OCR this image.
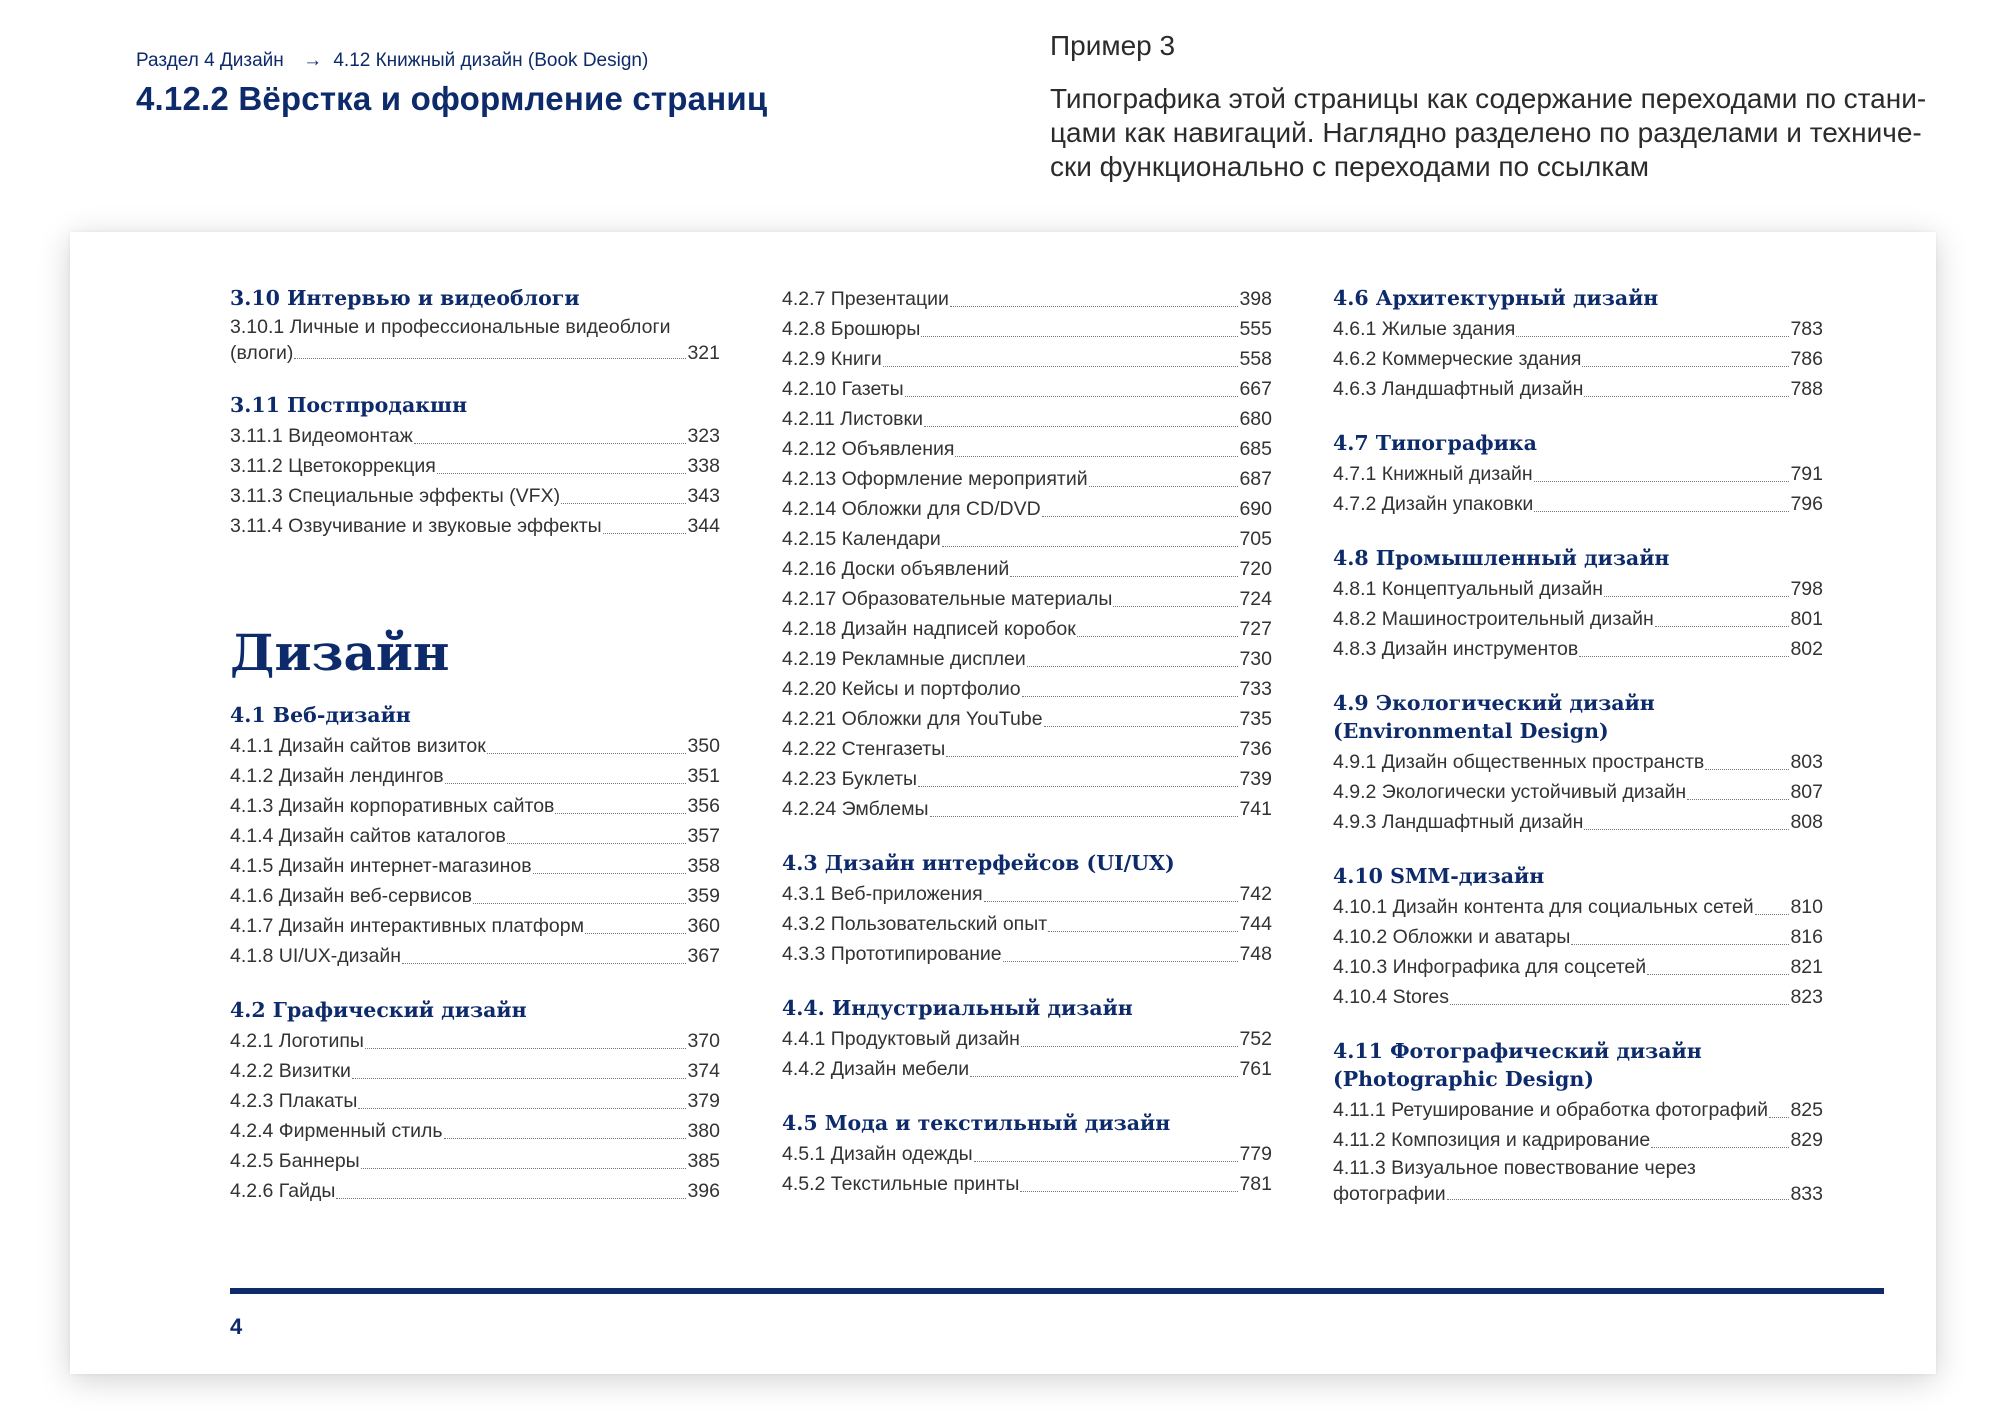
Раздел 4 Дизайн → 4.12 Книжный дизайн (Book Design)

4.12.2 Вёрстка и оформление страниц

Пример 3

Типографика этой страницы как содержание переходами по стани-
цами как навигаций. Наглядно разделено по разделами и техниче-
ски функционально с переходами по ссылкам

3.10 Интервью и видеоблоги
3.10.1 Личные и профессиональные видеоблоги
(влоги)	321
3.11 Постпродакшн
3.11.1 Видеомонтаж	323
3.11.2 Цветокоррекция	338
3.11.3 Специальные эффекты (VFX)	343
3.11.4 Озвучивание и звуковые эффекты	344
Дизайн
4.1 Веб-дизайн
4.1.1 Дизайн сайтов визиток	350
4.1.2 Дизайн лендингов	351
4.1.3 Дизайн корпоративных сайтов	356
4.1.4 Дизайн сайтов каталогов	357
4.1.5 Дизайн интернет-магазинов	358
4.1.6 Дизайн веб-сервисов	359
4.1.7 Дизайн интерактивных платформ	360
4.1.8 UI/UX-дизайн	367
4.2 Графический дизайн
4.2.1 Логотипы	370
4.2.2 Визитки	374
4.2.3 Плакаты	379
4.2.4 Фирменный стиль	380
4.2.5 Баннеры	385
4.2.6 Гайды	396
4.2.7 Презентации	398
4.2.8 Брошюры	555
4.2.9 Книги	558
4.2.10 Газеты	667
4.2.11 Листовки	680
4.2.12 Объявления	685
4.2.13 Оформление мероприятий	687
4.2.14 Обложки для CD/DVD	690
4.2.15 Календари	705
4.2.16 Доски объявлений	720
4.2.17 Образовательные материалы	724
4.2.18 Дизайн надписей коробок	727
4.2.19 Рекламные дисплеи	730
4.2.20 Кейсы и портфолио	733
4.2.21 Обложки для YouTube	735
4.2.22 Стенгазеты	736
4.2.23 Буклеты	739
4.2.24 Эмблемы	741
4.3 Дизайн интерфейсов (UI/UX)
4.3.1 Веб-приложения	742
4.3.2 Пользовательский опыт	744
4.3.3 Прототипирование	748
4.4. Индустриальный дизайн
4.4.1 Продуктовый дизайн	752
4.4.2 Дизайн мебели	761
4.5 Мода и текстильный дизайн
4.5.1 Дизайн одежды	779
4.5.2 Текстильные принты	781
4.6 Архитектурный дизайн
4.6.1 Жилые здания	783
4.6.2 Коммерческие здания	786
4.6.3 Ландшафтный дизайн	788
4.7 Типографика
4.7.1 Книжный дизайн	791
4.7.2 Дизайн упаковки	796
4.8 Промышленный дизайн
4.8.1 Концептуальный дизайн	798
4.8.2 Машиностроительный дизайн	801
4.8.3 Дизайн инструментов	802
4.9 Экологический дизайн (Environmental Design)
4.9.1 Дизайн общественных пространств	803
4.9.2 Экологически устойчивый дизайн	807
4.9.3 Ландшафтный дизайн	808
4.10 SMM-дизайн
4.10.1 Дизайн контента для социальных сетей 810
4.10.2 Обложки и аватары	816
4.10.3 Инфографика для соцсетей	821
4.10.4 Stores	823
4.11 Фотографический дизайн (Photographic Design)
4.11.1 Ретуширование и обработка фотографий 825
4.11.2 Композиция и кадрирование	829
4.11.3 Визуальное повествование через
фотографии	833
4
